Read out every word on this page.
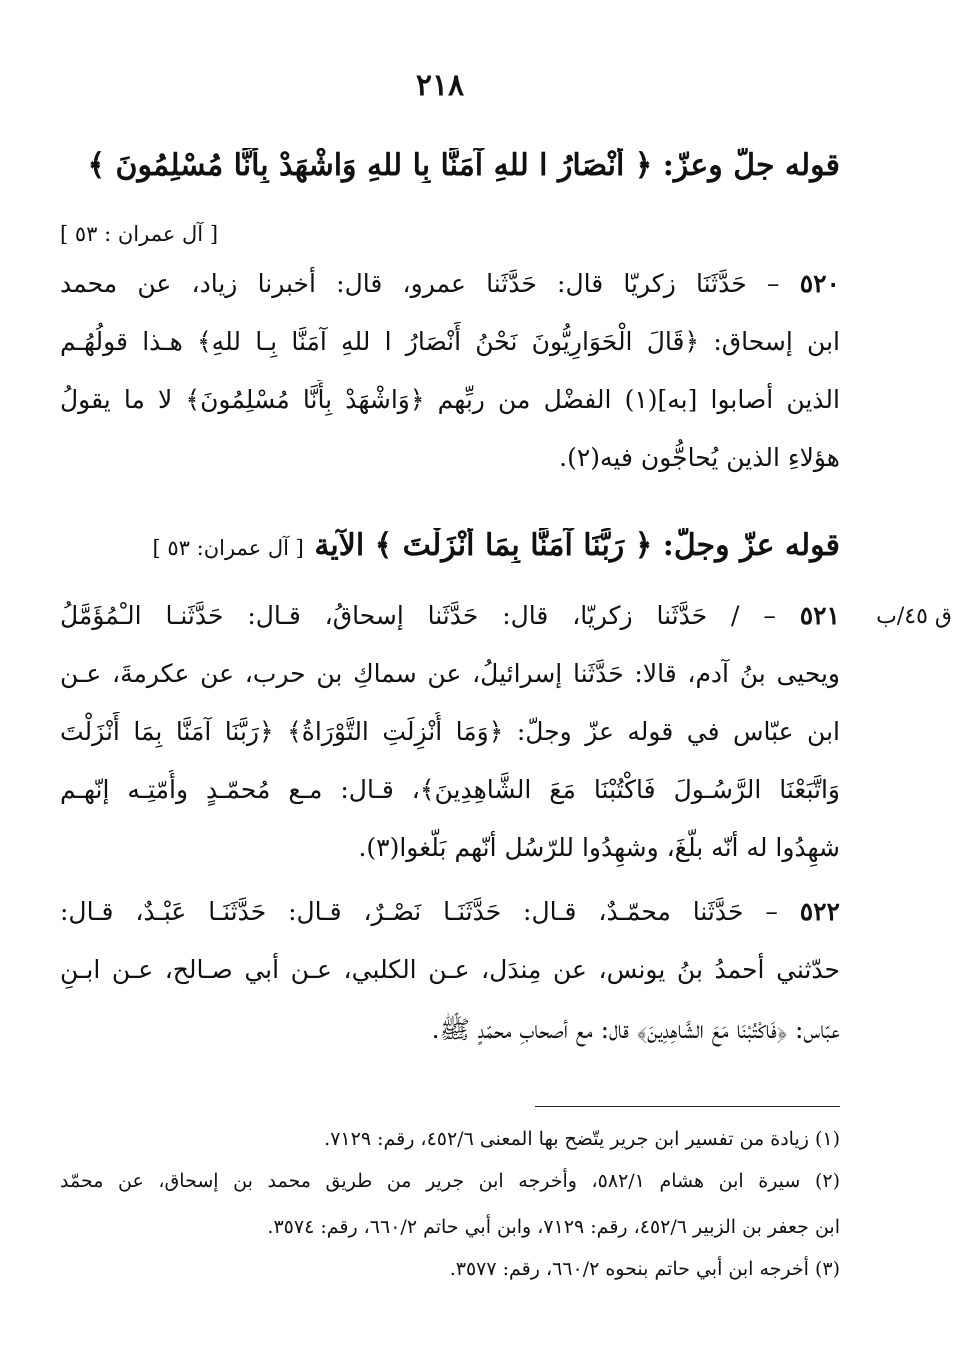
٢١٨
قوله جلّ وعزّ: ﴿ أَنْصَارُ ا للهِ آمَنَّا بِا للهِ وَاشْهَدْ بِأَنَّا مُسْلِمُونَ ﴾
[ آل عمران : ٥٣ ]
٥٢٠ – حَدَّثَنَا زكريّا قال: حَدَّثَنا عمرو، قال: أخبرنا زياد، عن محمد
ابن إسحاق: ﴿قَالَ الْحَوَارِيُّونَ نَحْنُ أَنْصَارُ ا للهِ آمَنَّا بِـا للهِ﴾ هـذا قولُهُـم
الذين أصابوا [به](١) الفضْل من ربِّهم ﴿وَاشْهَدْ بِأَنَّا مُسْلِمُونَ﴾ لا ما يقولُ
هؤلاءِ الذين يُحاجُّون فيه(٢).
قوله عزّ وجلّ: ﴿ رَبَّنَا آمَنَّا بِمَا أَنْزَلْتَ ﴾ الآية [ آل عمران: ٥٣ ]
ق ٤٥/ب
٥٢١ – / حَدَّثَنا زكريّا، قال: حَدَّثَنا إسحاقُ، قـال: حَدَّثَنـا الـْمُؤَمَّلُ
ويحيى بنُ آدم، قالا: حَدَّثَنا إسرائيلُ، عن سماكِ بن حرب، عن عكرمةَ، عـن
ابن عبّاس في قوله عزّ وجلّ: ﴿وَمَا أُنْزِلَتِ التَّوْرَاةُ﴾ ﴿رَبَّنَا آمَنَّا بِمَا أَنْزَلْتَ
وَاتَّبَعْنَا الرَّسُـولَ فَاكْتُبْنَا مَعَ الشَّاهِدِينَ﴾، قـال: مـع مُحمّـدٍ وأُمّتِـه إنّهـم
شهِدُوا له أنّه بلّغَ، وشهِدُوا للرّسُل أنّهم بَلّغوا(٣).
٥٢٢ – حَدَّثَنا محمّـدٌ، قـال: حَدَّثَنَـا نَصْـرٌ، قـال: حَدَّثَنَـا عَبْـدٌ، قـال:
حدّثني أحمدُ بنُ يونس، عن مِندَل، عـن الكلبي، عـن أبي صـالح، عـن ابـنِ
عبّاس: ﴿فَاكْتُبْنَا مَعَ الشَّاهِدِينَ﴾ قال: مع أصحابِ محمّدٍ ﷺ.
(١) زيادة من تفسير ابن جرير يتّضح بها المعنى ٤٥٢/٦، رقم: ٧١٢٩.
(٢) سيرة ابن هشام ٥٨٢/١، وأخرجه ابن جرير من طريق محمد بن إسحاق، عن محمّد
ابن جعفر بن الزبير ٤٥٢/٦، رقم: ٧١٢٩، وابن أبي حاتم ٦٦٠/٢، رقم: ٣٥٧٤.
(٣) أخرجه ابن أبي حاتم بنحوه ٦٦٠/٢، رقم: ٣٥٧٧.
